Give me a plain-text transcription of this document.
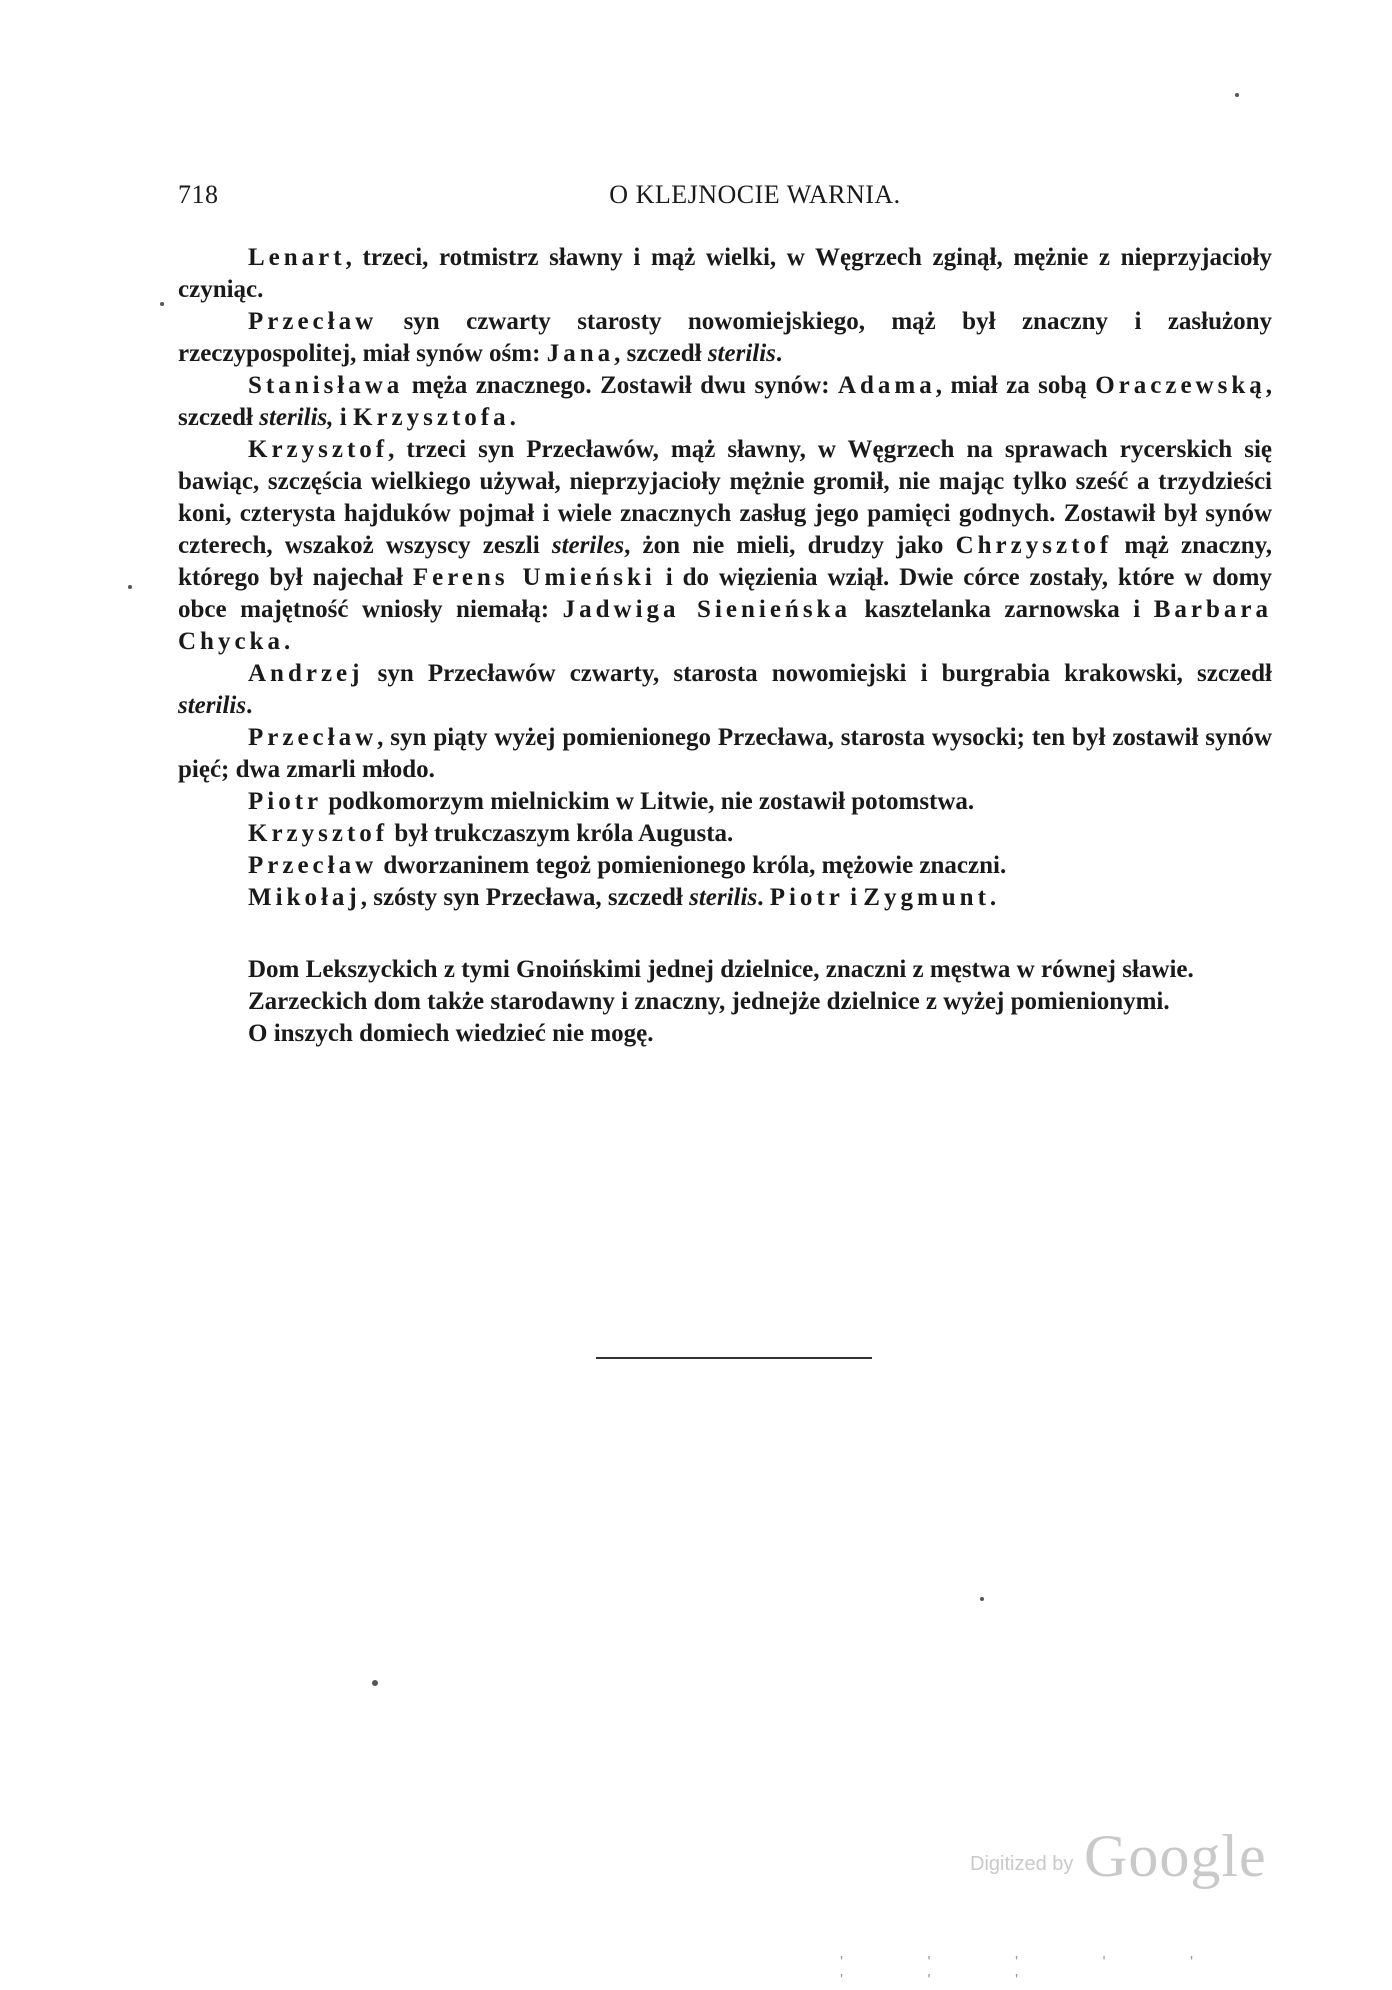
718	O KLEJNOCIE WARNIA.

Lenart, trzeci, rotmistrz sławny i mąż wielki, w Węgrzech zginął, mężnie z nieprzyjacioły czyniąc.

Przecław syn czwarty starosty nowomiejskiego, mąż był znaczny i zasłużony rzeczypospolitej, miał synów ośm: Jana, szczedł sterilis.

Stanisława męża znacznego. Zostawił dwu synów: Adama, miał za sobą Oraczewską, szczedł sterilis, i Krzysztofa.

Krzysztof, trzeci syn Przecławów, mąż sławny, w Węgrzech na sprawach rycerskich się bawiąc, szczęścia wielkiego używał, nieprzyjacioły mężnie gromił, nie mając tylko sześć a trzydzieści koni, czterysta hajduków pojmał i wiele znacznych zasług jego pamięci godnych. Zostawił był synów czterech, wszakoż wszyscy zeszli steriles, żon nie mieli, drudzy jako Chrzysztof mąż znaczny, którego był najechał Ferens Umieński i do więzienia wziął. Dwie córce zostały, które w domy obce majętność wniosły niemałą: Jadwiga Sienieńska kasztelanka zarnowska i Barbara Chycka.

Andrzej syn Przecławów czwarty, starosta nowomiejski i burgrabia krakowski, szczedł sterilis.

Przecław, syn piąty wyżej pomienionego Przecława, starosta wysocki; ten był zostawił synów pięć; dwa zmarli młodo.

Piotr podkomorzym mielnickim w Litwie, nie zostawił potomstwa.

Krzysztof był trukczaszym króla Augusta.

Przecław dworzaninem tegoż pomienionego króla, mężowie znaczni.

Mikołaj, szósty syn Przecława, szczedł sterilis. Piotr i Zygmunt.

Dom Lekszyckich z tymi Gnoińskimi jednej dzielnice, znaczni z męstwa w równej sławie.

Zarzeckich dom także starodawny i znaczny, jednejże dzielnice z wyżej pomienionymi.

O inszych domiech wiedzieć nie mogę.

Digitized by Google
' ' ' ' ' ' ' '
